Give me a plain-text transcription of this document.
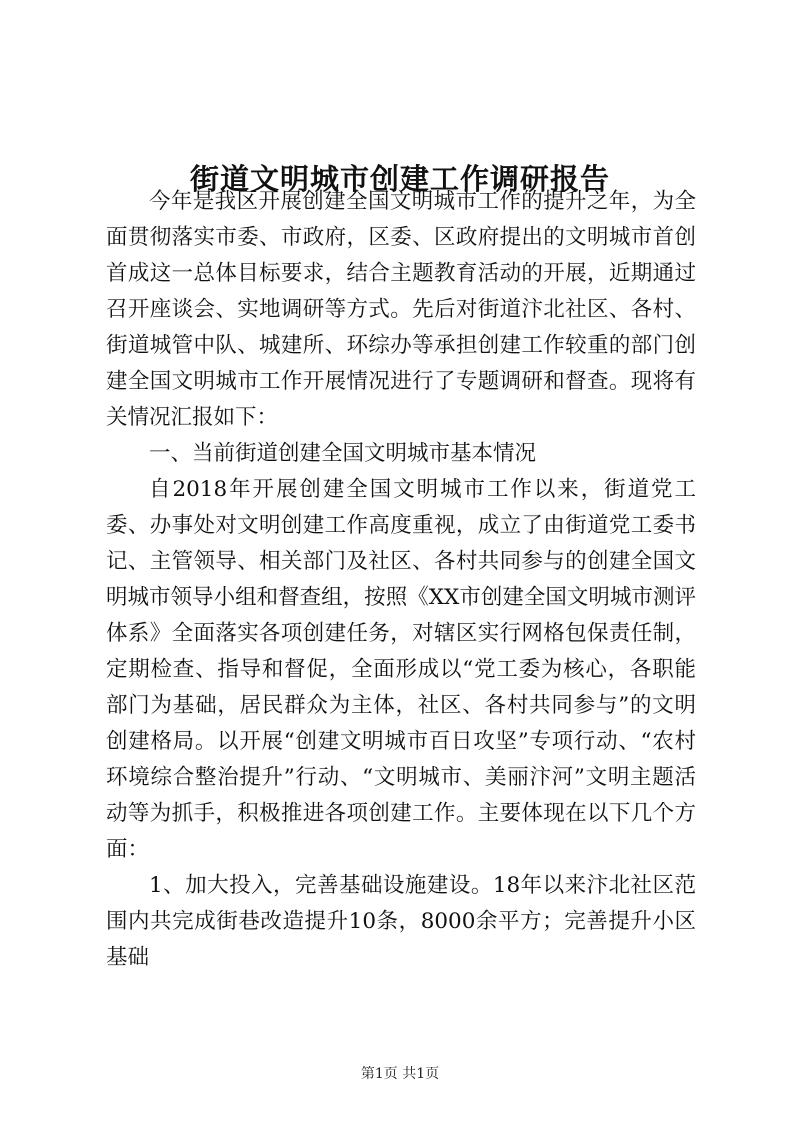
街道文明城市创建工作调研报告

今年是我区开展创建全国文明城市工作的提升之年，为全面贯彻落实市委、市政府，区委、区政府提出的文明城市首创首成这一总体目标要求，结合主题教育活动的开展，近期通过召开座谈会、实地调研等方式。先后对街道汴北社区、各村、街道城管中队、城建所、环综办等承担创建工作较重的部门创建全国文明城市工作开展情况进行了专题调研和督查。现将有关情况汇报如下：

一、当前街道创建全国文明城市基本情况

自2018年开展创建全国文明城市工作以来，街道党工委、办事处对文明创建工作高度重视，成立了由街道党工委书记、主管领导、相关部门及社区、各村共同参与的创建全国文明城市领导小组和督查组，按照《XX市创建全国文明城市测评体系》全面落实各项创建任务，对辖区实行网格包保责任制，定期检查、指导和督促，全面形成以“党工委为核心，各职能部门为基础，居民群众为主体，社区、各村共同参与”的文明创建格局。以开展“创建文明城市百日攻坚”专项行动、“农村环境综合整治提升”行动、“文明城市、美丽汴河”文明主题活动等为抓手，积极推进各项创建工作。主要体现在以下几个方面：

1、加大投入，完善基础设施建设。18年以来汴北社区范围内共完成街巷改造提升10条，8000余平方；完善提升小区基础

第1页 共1页
